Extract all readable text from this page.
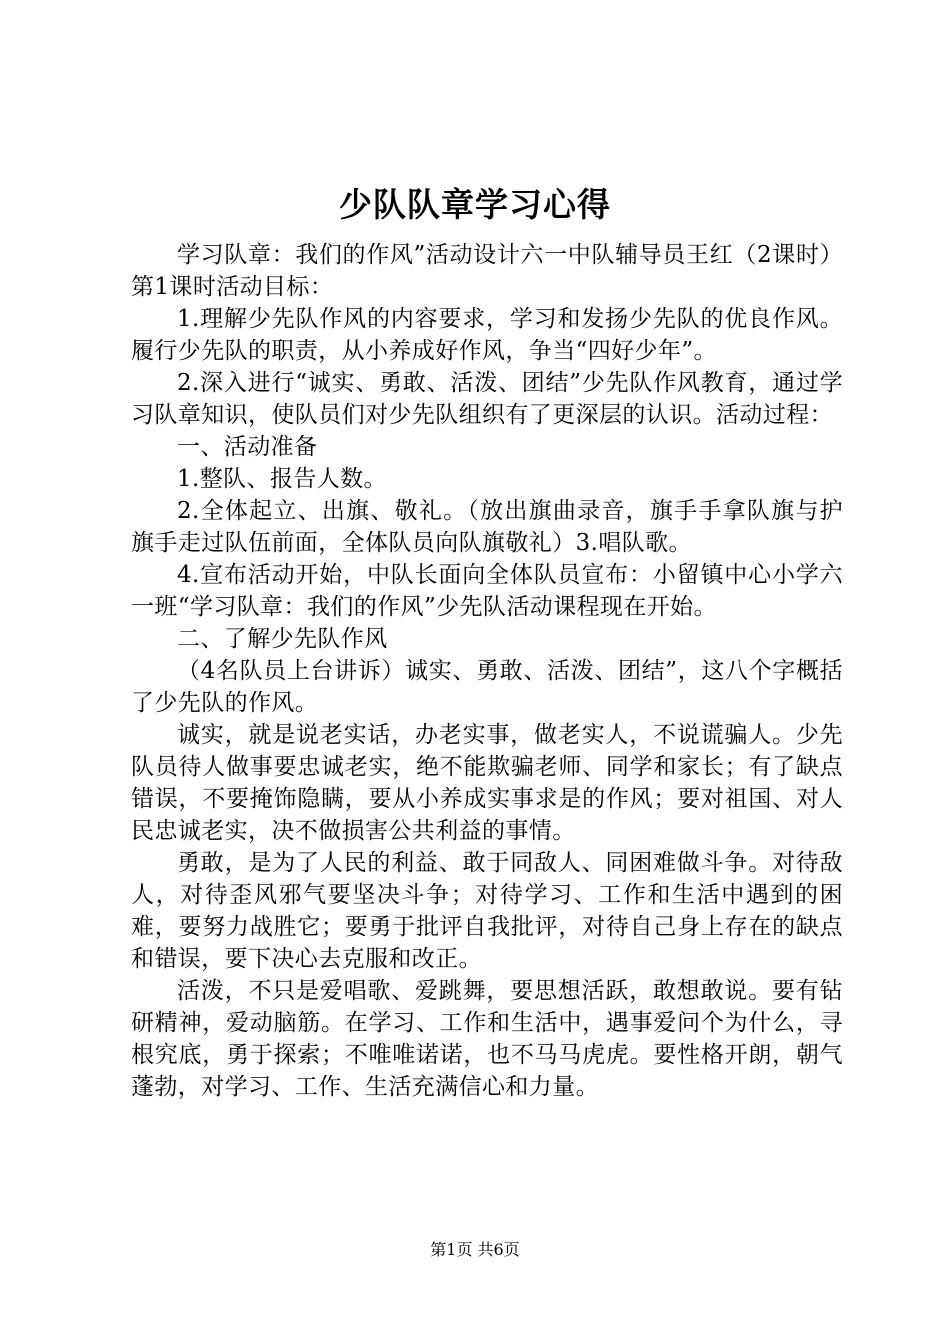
少队队章学习心得

学习队章：我们的作风”活动设计六一中队辅导员王红（2课时）第1课时活动目标：

1.理解少先队作风的内容要求，学习和发扬少先队的优良作风。履行少先队的职责，从小养成好作风，争当“四好少年”。

2.深入进行“诚实、勇敢、活泼、团结”少先队作风教育，通过学习队章知识，使队员们对少先队组织有了更深层的认识。活动过程：

一、活动准备

1.整队、报告人数。

2.全体起立、出旗、敬礼。（放出旗曲录音，旗手手拿队旗与护旗手走过队伍前面，全体队员向队旗敬礼）3.唱队歌。

4.宣布活动开始，中队长面向全体队员宣布：小留镇中心小学六一班“学习队章：我们的作风”少先队活动课程现在开始。

二、了解少先队作风

（4名队员上台讲诉）诚实、勇敢、活泼、团结”，这八个字概括了少先队的作风。

诚实，就是说老实话，办老实事，做老实人，不说谎骗人。少先队员待人做事要忠诚老实，绝不能欺骗老师、同学和家长；有了缺点错误，不要掩饰隐瞒，要从小养成实事求是的作风；要对祖国、对人民忠诚老实，决不做损害公共利益的事情。

勇敢，是为了人民的利益、敢于同敌人、同困难做斗争。对待敌人，对待歪风邪气要坚决斗争；对待学习、工作和生活中遇到的困难，要努力战胜它；要勇于批评自我批评，对待自己身上存在的缺点和错误，要下决心去克服和改正。

活泼，不只是爱唱歌、爱跳舞，要思想活跃，敢想敢说。要有钻研精神，爱动脑筋。在学习、工作和生活中，遇事爱问个为什么，寻根究底，勇于探索；不唯唯诺诺，也不马马虎虎。要性格开朗，朝气蓬勃，对学习、工作、生活充满信心和力量。

第1页 共6页
